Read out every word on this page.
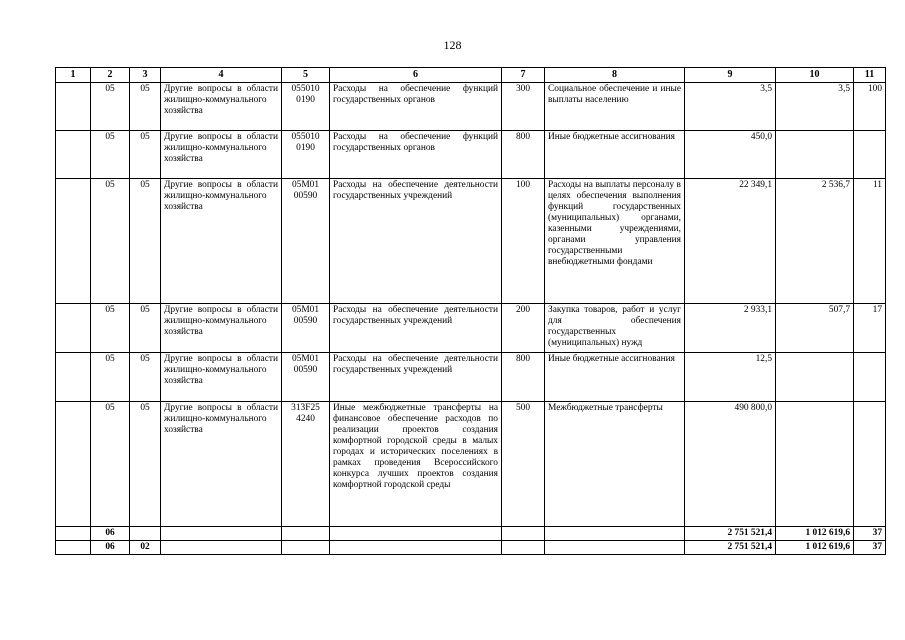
128
1	2	3	4	5	6	7	8	9	10	11
	05	05	Другие вопросы в области жилищно-коммунального хозяйства	055010 0190	Расходы на обеспечение функций государственных органов	300	Социальное обеспечение и иные выплаты населению	3,5	3,5	100
	05	05	Другие вопросы в области жилищно-коммунального хозяйства	055010 0190	Расходы на обеспечение функций государственных органов	800	Иные бюджетные ассигнования	450,0		
	05	05	Другие вопросы в области жилищно-коммунального хозяйства	05М01 00590	Расходы на обеспечение деятельности государственных учреждений	100	Расходы на выплаты персоналу в целях обеспечения выполнения функций государственных (муниципальных) органами, казенными учреждениями, органами управления государственными внебюджетными фондами	22 349,1	2 536,7	11
	05	05	Другие вопросы в области жилищно-коммунального хозяйства	05М01 00590	Расходы на обеспечение деятельности государственных учреждений	200	Закупка товаров, работ и услуг для обеспечения государственных (муниципальных) нужд	2 933,1	507,7	17
	05	05	Другие вопросы в области жилищно-коммунального хозяйства	05М01 00590	Расходы на обеспечение деятельности государственных учреждений	800	Иные бюджетные ассигнования	12,5		
	05	05	Другие вопросы в области жилищно-коммунального хозяйства	313F25 4240	Иные межбюджетные трансферты на финансовое обеспечение расходов по реализации проектов создания комфортной городской среды в малых городах и исторических поселениях в рамках проведения Всероссийского конкурса лучших проектов создания комфортной городской среды	500	Межбюджетные трансферты	490 800,0		
	06							2 751 521,4	1 012 619,6	37
	06	02						2 751 521,4	1 012 619,6	37
